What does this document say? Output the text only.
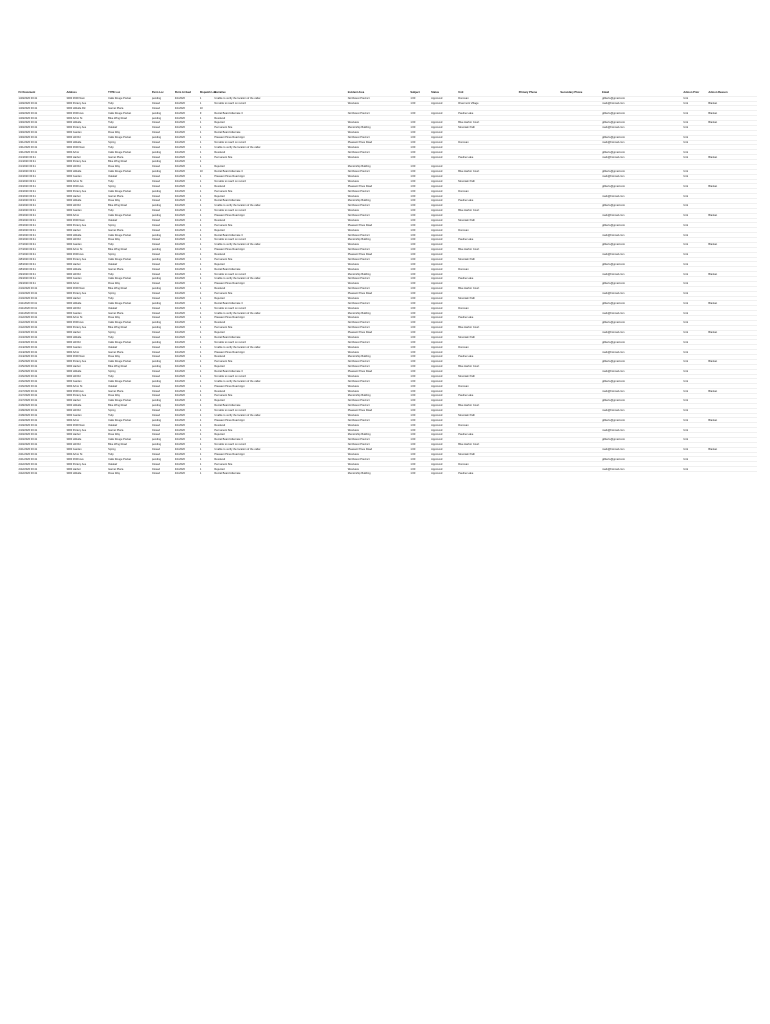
Fir Document	Address	TYPE Loc	Perm Loc	Perm Arrived	Dispatch Loc	Narrative	Incident Area	Subject	Status	Unit	Primary Phone	Secondary Phone	Email	Add-on Prior	Add-on Reason
1/29/2020 00:41	3000 3600 Nam	Calle Rouge Pocket	pending	4/1/2020	1	Unable to verify the location of the caller.	Northwest Precinct	1:00	Approved	Donovan			gilberto@gmail.com	Unk	
1/29/2020 00:41	3000 Pottery Ave	Tulip	Closed	4/1/2020	1	Not able to reach on record	Westview	1:00	Approved	Rivermont Village			mark@hotmail.com	Unk	Blanket
1/29/2020 00:41	3000 Hillside Rd	Garnet Plaza	Closed	4/1/2020	10										
1/29/2020 00:41	3000 3600 Ave	Calle Rouge Pocket	pending	4/1/2020	9	Rental Board Alternate 3	Northwest Precinct	1:00	Approved	Pauline Lake			gilberto@gmail.com	Unk	Blanket
1/29/2020 00:41	3000 Arbor St	Blue Wing Road	pending	4/1/2020	1	Resolved									
1/30/2020 00:41	3000 Hillside	Tulip	Closed	4/1/2020	1	Rejected	Westview	1:00	Approved	Blue Harbor Court			gilberto@gmail.com	Unk	Blanket
1/30/2020 00:41	3000 Pottery Ave	Oakleaf	Closed	4/1/2020	1	Permanent Site	Mentorship Building	1:00	Approved	Mountain Path			mark@hotmail.com	Unk	
1/30/2020 00:41	3000 Garden	Rose Way	Closed	4/1/2020	1	Rental Board Alternate	Westview	1:00	Approved						
1/30/2020 00:41	3000 Hill Rd	Calle Rouge Pocket	pending	4/1/2020	1	Pleasant Pines Road Appt	Northwest Precinct	1:00	Approved				gilberto@gmail.com	Unk	
1/31/2020 00:41	3000 Hillside	Spring	Closed	4/1/2020	1	Not able to reach on record	Pleasant Pines Road	1:00	Approved	Donovan			mark@hotmail.com	Unk	
1/31/2020 00:41	3000 3600 Nam	Tulip	Closed	4/1/2020	1	Unable to verify the location of the caller.	Westview	1:00	Approved						
1/31/2020 00:41	3000 Arbor	Calle Rouge Pocket	pending	4/1/2020	1	Resolved	Northwest Precinct	1:00	Approved				gilberto@gmail.com	Unk	
2/1/2020 00:41	3000 Harbor	Garnet Plaza	Closed	4/1/2020	1	Permanent Site	Westview	1:00	Approved	Pauline Lake			mark@hotmail.com	Unk	Blanket
2/1/2020 00:41	3000 Pottery Ave	Blue Wing Road	pending	4/1/2020	1										
2/1/2020 00:41	3000 Hill Rd	Rose Way	Closed	4/1/2020	1	Rejected	Mentorship Building	1:00	Approved						
2/2/2020 00:41	3000 Hillside	Calle Rouge Pocket	pending	4/1/2020	10	Rental Board Alternate 3	Northwest Precinct	1:00	Approved	Blue Harbor Court			gilberto@gmail.com	Unk	
2/2/2020 00:41	3000 Garden	Oakleaf	Closed	4/1/2020	1	Pleasant Pines Road Appt	Westview	1:00	Approved				mark@hotmail.com	Unk	
2/2/2020 00:41	3000 Arbor St	Tulip	Closed	4/1/2020	1	Not able to reach on record	Westview	1:00	Approved	Mountain Path					
2/3/2020 00:41	3000 3600 Ave	Spring	Closed	4/1/2020	1	Resolved	Pleasant Pines Road	1:00	Approved				gilberto@gmail.com	Unk	Blanket
2/3/2020 00:41	3000 Pottery Ave	Calle Rouge Pocket	pending	4/1/2020	1	Permanent Site	Northwest Precinct	1:00	Approved	Donovan					
2/3/2020 00:41	3000 Harbor	Garnet Plaza	Closed	4/1/2020	1	Rejected	Westview	1:00	Approved				mark@hotmail.com	Unk	
2/4/2020 00:41	3000 Hillside	Rose Way	Closed	4/1/2020	1	Rental Board Alternate	Mentorship Building	1:00	Approved	Pauline Lake					
2/4/2020 00:41	3000 Hill Rd	Blue Wing Road	pending	4/1/2020	1	Unable to verify the location of the caller.	Northwest Precinct	1:00	Approved				gilberto@gmail.com	Unk	
2/4/2020 00:41	3000 Garden	Tulip	Closed	4/1/2020	1	Not able to reach on record	Westview	1:00	Approved	Blue Harbor Court					
2/5/2020 00:41	3000 Arbor	Calle Rouge Pocket	pending	4/1/2020	1	Pleasant Pines Road Appt	Northwest Precinct	1:00	Approved				mark@hotmail.com	Unk	Blanket
2/5/2020 00:41	3000 3600 Nam	Oakleaf	Closed	4/1/2020	1	Resolved	Westview	1:00	Approved	Mountain Path					
2/5/2020 00:41	3000 Pottery Ave	Spring	Closed	4/1/2020	1	Permanent Site	Pleasant Pines Road	1:00	Approved				gilberto@gmail.com	Unk	
2/6/2020 00:41	3000 Harbor	Garnet Plaza	Closed	4/1/2020	1	Rejected	Westview	1:00	Approved	Donovan					
2/6/2020 00:41	3000 Hillside	Calle Rouge Pocket	pending	4/1/2020	1	Rental Board Alternate 3	Northwest Precinct	1:00	Approved				mark@hotmail.com	Unk	
2/6/2020 00:41	3000 Hill Rd	Rose Way	Closed	4/1/2020	1	Not able to reach on record	Mentorship Building	1:00	Approved	Pauline Lake					
2/7/2020 00:41	3000 Garden	Tulip	Closed	4/1/2020	1	Unable to verify the location of the caller.	Westview	1:00	Approved				gilberto@gmail.com	Unk	Blanket
2/7/2020 00:41	3000 Arbor St	Blue Wing Road	pending	4/1/2020	1	Pleasant Pines Road Appt	Northwest Precinct	1:00	Approved	Blue Harbor Court					
2/7/2020 00:41	3000 3600 Ave	Spring	Closed	4/1/2020	1	Resolved	Pleasant Pines Road	1:00	Approved				mark@hotmail.com	Unk	
2/8/2020 00:41	3000 Pottery Ave	Calle Rouge Pocket	pending	4/1/2020	1	Permanent Site	Northwest Precinct	1:00	Approved	Mountain Path					
2/8/2020 00:41	3000 Harbor	Oakleaf	Closed	4/1/2020	1	Rejected	Westview	1:00	Approved				gilberto@gmail.com	Unk	
2/8/2020 00:41	3000 Hillside	Garnet Plaza	Closed	4/1/2020	1	Rental Board Alternate	Westview	1:00	Approved	Donovan					
2/9/2020 00:41	3000 Hill Rd	Tulip	Closed	4/1/2020	1	Not able to reach on record	Mentorship Building	1:00	Approved				mark@hotmail.com	Unk	Blanket
2/9/2020 00:41	3000 Garden	Calle Rouge Pocket	pending	4/1/2020	1	Unable to verify the location of the caller.	Northwest Precinct	1:00	Approved	Pauline Lake					
2/9/2020 00:41	3000 Arbor	Rose Way	Closed	4/1/2020	1	Pleasant Pines Road Appt	Westview	1:00	Approved				gilberto@gmail.com	Unk	
2/10/2020 00:41	3000 3600 Nam	Blue Wing Road	pending	4/1/2020	1	Resolved	Northwest Precinct	1:00	Approved	Blue Harbor Court					
2/10/2020 00:41	3000 Pottery Ave	Spring	Closed	4/1/2020	1	Permanent Site	Pleasant Pines Road	1:00	Approved				mark@hotmail.com	Unk	
2/10/2020 00:41	3000 Harbor	Tulip	Closed	4/1/2020	1	Rejected	Westview	1:00	Approved	Mountain Path					
2/11/2020 00:41	3000 Hillside	Calle Rouge Pocket	pending	4/1/2020	1	Rental Board Alternate 3	Northwest Precinct	1:00	Approved				gilberto@gmail.com	Unk	Blanket
2/11/2020 00:41	3000 Hill Rd	Oakleaf	Closed	4/1/2020	1	Not able to reach on record	Westview	1:00	Approved	Donovan					
2/11/2020 00:41	3000 Garden	Garnet Plaza	Closed	4/1/2020	1	Unable to verify the location of the caller.	Mentorship Building	1:00	Approved				mark@hotmail.com	Unk	
2/12/2020 00:41	3000 Arbor St	Rose Way	Closed	4/1/2020	1	Pleasant Pines Road Appt	Westview	1:00	Approved	Pauline Lake					
2/12/2020 00:41	3000 3600 Ave	Calle Rouge Pocket	pending	4/1/2020	1	Resolved	Northwest Precinct	1:00	Approved				gilberto@gmail.com	Unk	
2/12/2020 00:41	3000 Pottery Ave	Blue Wing Road	pending	4/1/2020	1	Permanent Site	Northwest Precinct	1:00	Approved	Blue Harbor Court					
2/13/2020 00:41	3000 Harbor	Spring	Closed	4/1/2020	1	Rejected	Pleasant Pines Road	1:00	Approved				mark@hotmail.com	Unk	Blanket
2/13/2020 00:41	3000 Hillside	Tulip	Closed	4/1/2020	1	Rental Board Alternate	Westview	1:00	Approved	Mountain Path					
2/13/2020 00:41	3000 Hill Rd	Calle Rouge Pocket	pending	4/1/2020	1	Not able to reach on record	Northwest Precinct	1:00	Approved				gilberto@gmail.com	Unk	
2/14/2020 00:41	3000 Garden	Oakleaf	Closed	4/1/2020	1	Unable to verify the location of the caller.	Westview	1:00	Approved	Donovan					
2/14/2020 00:41	3000 Arbor	Garnet Plaza	Closed	4/1/2020	1	Pleasant Pines Road Appt	Westview	1:00	Approved				mark@hotmail.com	Unk	
2/14/2020 00:41	3000 3600 Nam	Rose Way	Closed	4/1/2020	1	Resolved	Mentorship Building	1:00	Approved	Pauline Lake					
2/15/2020 00:41	3000 Pottery Ave	Calle Rouge Pocket	pending	4/1/2020	1	Permanent Site	Northwest Precinct	1:00	Approved				gilberto@gmail.com	Unk	Blanket
2/15/2020 00:41	3000 Harbor	Blue Wing Road	pending	4/1/2020	1	Rejected	Northwest Precinct	1:00	Approved	Blue Harbor Court					
2/15/2020 00:41	3000 Hillside	Spring	Closed	4/1/2020	1	Rental Board Alternate 3	Pleasant Pines Road	1:00	Approved				mark@hotmail.com	Unk	
2/16/2020 00:41	3000 Hill Rd	Tulip	Closed	4/1/2020	1	Not able to reach on record	Westview	1:00	Approved	Mountain Path					
2/16/2020 00:41	3000 Garden	Calle Rouge Pocket	pending	4/1/2020	1	Unable to verify the location of the caller.	Northwest Precinct	1:00	Approved				gilberto@gmail.com	Unk	
2/16/2020 00:41	3000 Arbor St	Oakleaf	Closed	4/1/2020	1	Pleasant Pines Road Appt	Westview	1:00	Approved	Donovan					
2/17/2020 00:41	3000 3600 Ave	Garnet Plaza	Closed	4/1/2020	1	Resolved	Westview	1:00	Approved				mark@hotmail.com	Unk	Blanket
2/17/2020 00:41	3000 Pottery Ave	Rose Way	Closed	4/1/2020	1	Permanent Site	Mentorship Building	1:00	Approved	Pauline Lake					
2/17/2020 00:41	3000 Harbor	Calle Rouge Pocket	pending	4/1/2020	1	Rejected	Northwest Precinct	1:00	Approved				gilberto@gmail.com	Unk	
2/18/2020 00:41	3000 Hillside	Blue Wing Road	pending	4/1/2020	1	Rental Board Alternate	Northwest Precinct	1:00	Approved	Blue Harbor Court					
2/18/2020 00:41	3000 Hill Rd	Spring	Closed	4/1/2020	1	Not able to reach on record	Pleasant Pines Road	1:00	Approved				mark@hotmail.com	Unk	
2/18/2020 00:41	3000 Garden	Tulip	Closed	4/1/2020	1	Unable to verify the location of the caller.	Westview	1:00	Approved	Mountain Path					
2/19/2020 00:41	3000 Arbor	Calle Rouge Pocket	pending	4/1/2020	1	Pleasant Pines Road Appt	Northwest Precinct	1:00	Approved				gilberto@gmail.com	Unk	Blanket
2/19/2020 00:41	3000 3600 Nam	Oakleaf	Closed	4/1/2020	1	Resolved	Westview	1:00	Approved	Donovan					
2/19/2020 00:41	3000 Pottery Ave	Garnet Plaza	Closed	4/1/2020	1	Permanent Site	Westview	1:00	Approved				mark@hotmail.com	Unk	
2/20/2020 00:41	3000 Harbor	Rose Way	Closed	4/1/2020	1	Rejected	Mentorship Building	1:00	Approved	Pauline Lake					
2/20/2020 00:41	3000 Hillside	Calle Rouge Pocket	pending	4/1/2020	1	Rental Board Alternate 3	Northwest Precinct	1:00	Approved				gilberto@gmail.com	Unk	
2/20/2020 00:41	3000 Hill Rd	Blue Wing Road	pending	4/1/2020	1	Not able to reach on record	Northwest Precinct	1:00	Approved	Blue Harbor Court					
2/21/2020 00:41	3000 Garden	Spring	Closed	4/1/2020	1	Unable to verify the location of the caller.	Pleasant Pines Road	1:00	Approved				mark@hotmail.com	Unk	Blanket
2/21/2020 00:41	3000 Arbor St	Tulip	Closed	4/1/2020	1	Pleasant Pines Road Appt	Westview	1:00	Approved	Mountain Path					
2/21/2020 00:41	3000 3600 Ave	Calle Rouge Pocket	pending	4/1/2020	1	Resolved	Northwest Precinct	1:00	Approved				gilberto@gmail.com	Unk	
2/22/2020 00:41	3000 Pottery Ave	Oakleaf	Closed	4/1/2020	1	Permanent Site	Westview	1:00	Approved	Donovan					
2/22/2020 00:41	3000 Harbor	Garnet Plaza	Closed	4/1/2020	1	Rejected	Westview	1:00	Approved				mark@hotmail.com	Unk	
2/22/2020 00:41	3000 Hillside	Rose Way	Closed	4/1/2020	1	Rental Board Alternate	Mentorship Building	1:00	Approved	Pauline Lake					
